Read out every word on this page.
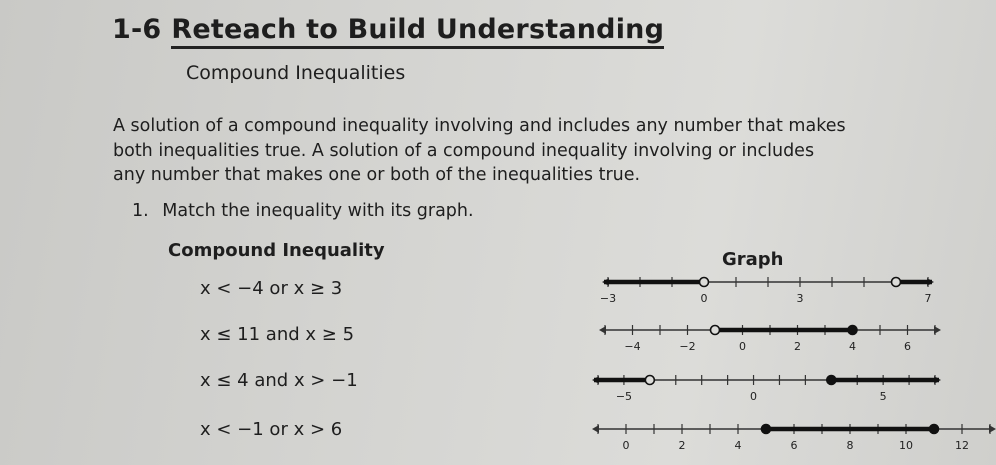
1-6 Reteach to Build Understanding
Compound Inequalities
A solution of a compound inequality involving and includes any number that makes
both inequalities true. A solution of a compound inequality involving or includes
any number that makes one or both of the inequalities true.
1. Match the inequality with its graph.
Compound Inequality	Graph
x < −4 or x ≥ 3
x ≤ 11 and x ≥ 5
x ≤ 4 and x > −1
x < −1 or x > 6
−3	0	3	7
−4	−2	0	2	4	6
−5	0	5
0	2	4	6	8	10	12
